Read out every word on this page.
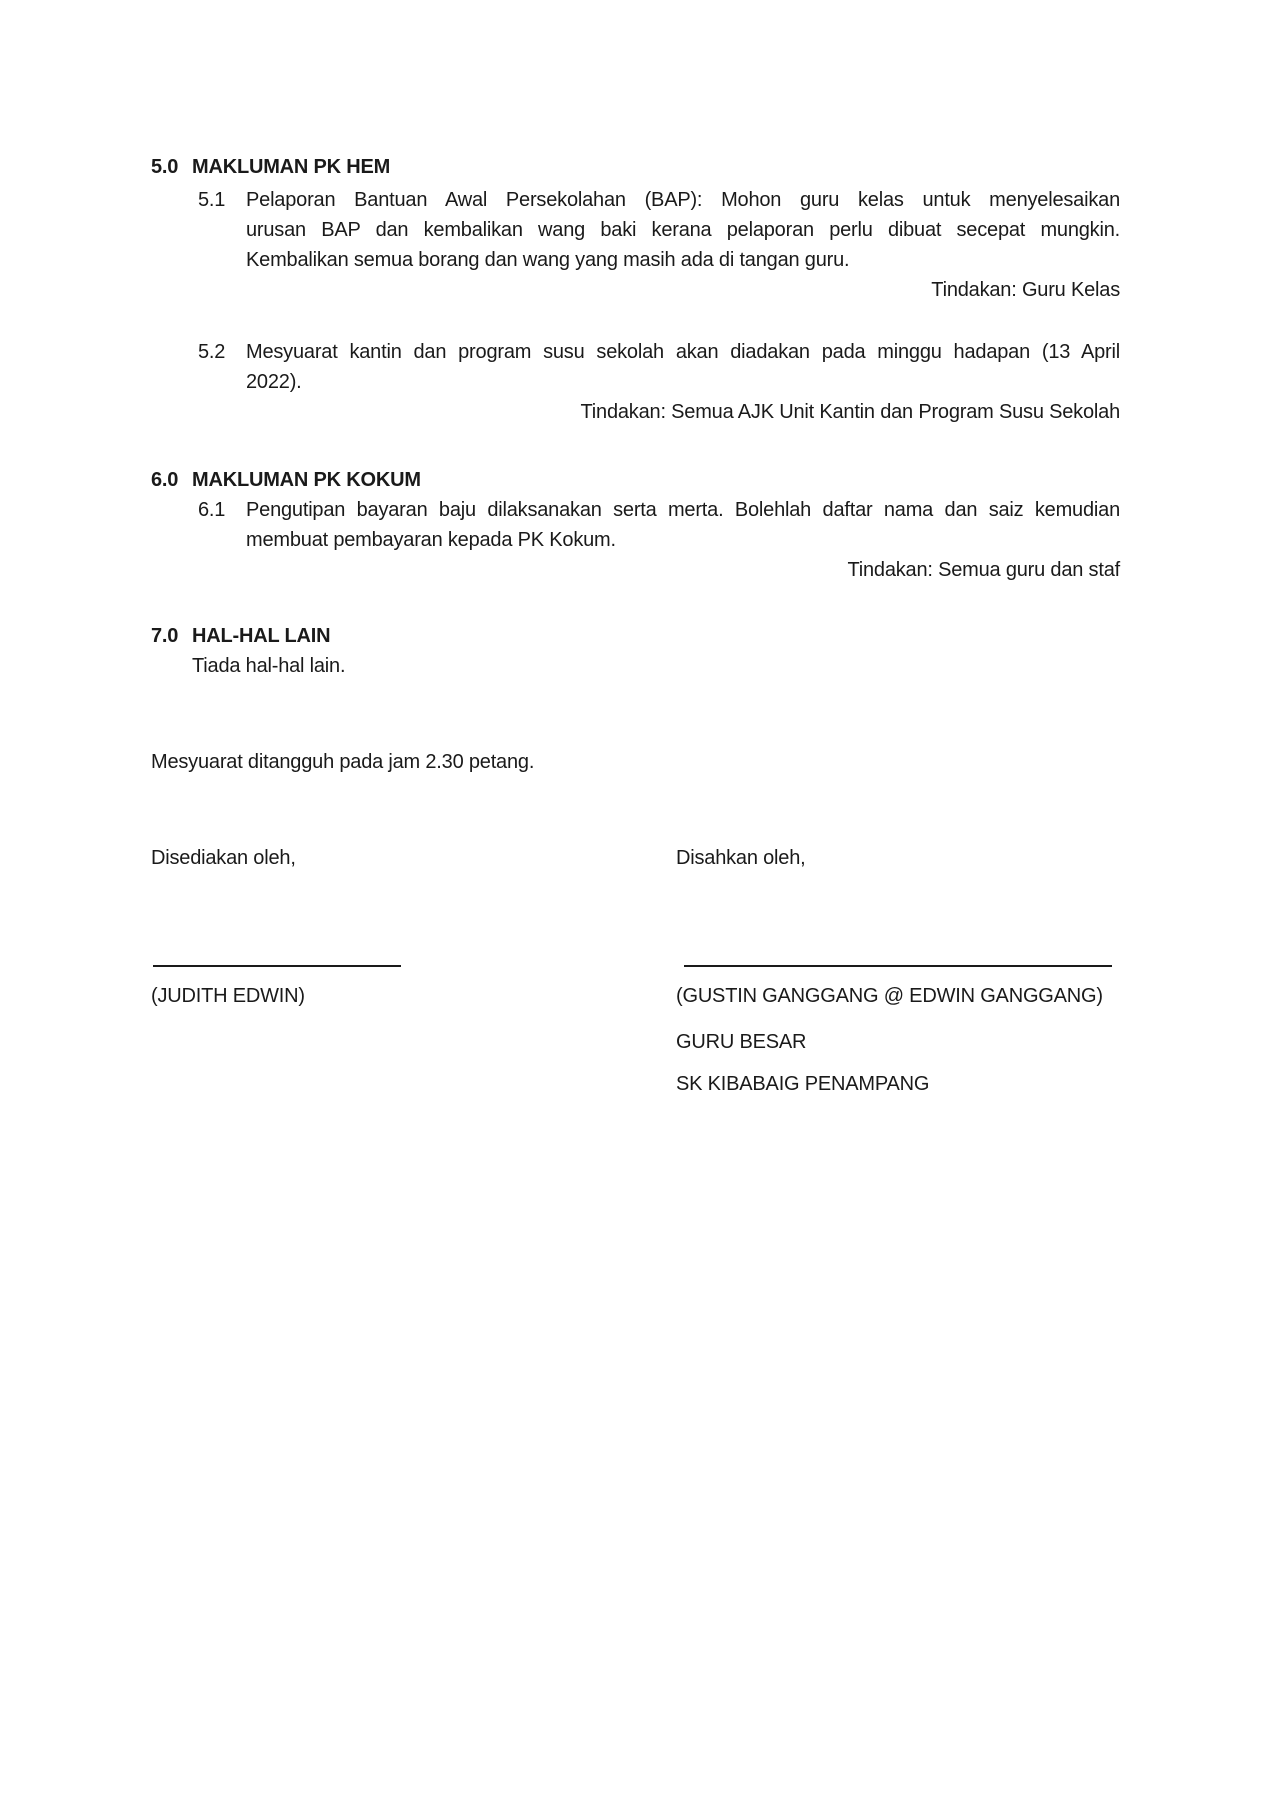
5.0 MAKLUMAN PK HEM
5.1	Pelaporan Bantuan Awal Persekolahan (BAP): Mohon guru kelas untuk menyelesaikan
urusan BAP dan kembalikan wang baki kerana pelaporan perlu dibuat secepat mungkin.
Kembalikan semua borang dan wang yang masih ada di tangan guru.
Tindakan: Guru Kelas
5.2	Mesyuarat kantin dan program susu sekolah akan diadakan pada minggu hadapan (13 April
2022).
Tindakan: Semua AJK Unit Kantin dan Program Susu Sekolah
6.0 MAKLUMAN PK KOKUM
6.1	Pengutipan bayaran baju dilaksanakan serta merta. Bolehlah daftar nama dan saiz kemudian
membuat pembayaran kepada PK Kokum.
Tindakan: Semua guru dan staf
7.0 HAL-HAL LAIN
Tiada hal-hal lain.
Mesyuarat ditangguh pada jam 2.30 petang.
Disediakan oleh,	Disahkan oleh,
(JUDITH EDWIN)	(GUSTIN GANGGANG @ EDWIN GANGGANG)
GURU BESAR
SK KIBABAIG PENAMPANG
